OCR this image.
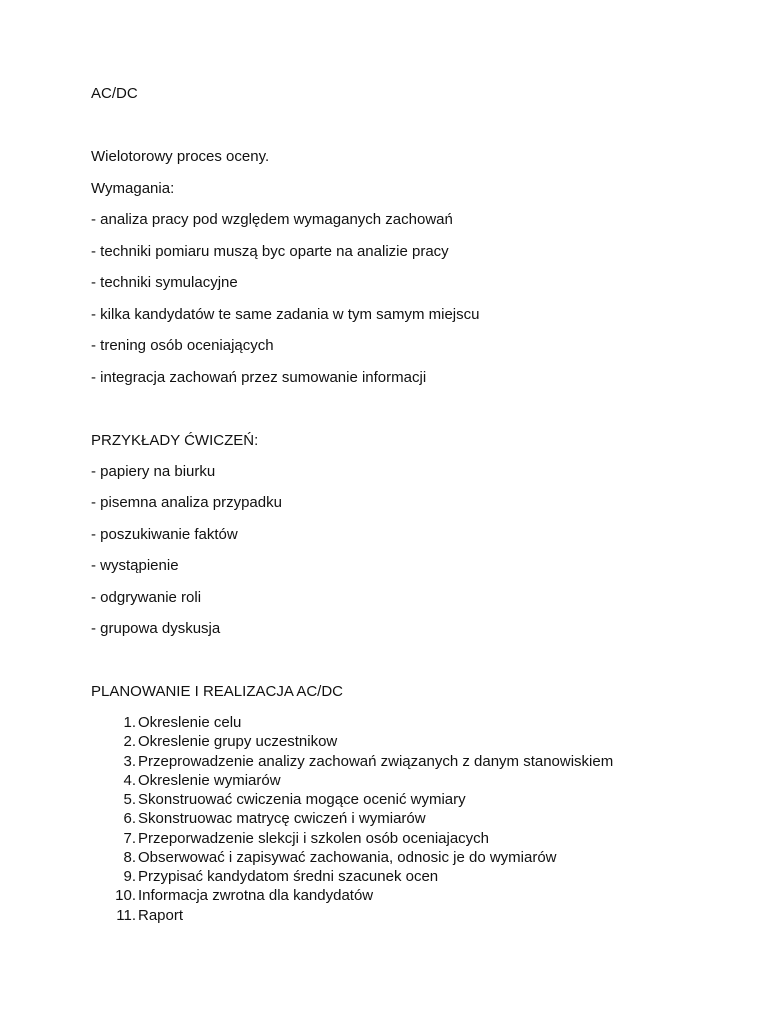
AC/DC
Wielotorowy proces oceny.
Wymagania:
- analiza pracy pod względem wymaganych zachowań
- techniki pomiaru muszą byc oparte na analizie pracy
- techniki symulacyjne
- kilka kandydatów te same zadania w tym samym miejscu
- trening osób oceniających
- integracja zachowań przez sumowanie informacji
PRZYKŁADY ĆWICZEŃ:
- papiery na biurku
- pisemna analiza przypadku
- poszukiwanie faktów
- wystąpienie
- odgrywanie roli
- grupowa dyskusja
PLANOWANIE I REALIZACJA AC/DC
1. Okreslenie celu
2. Okreslenie grupy uczestnikow
3. Przeprowadzenie analizy zachowań związanych z danym stanowiskiem
4. Okreslenie wymiarów
5. Skonstruować cwiczenia mogące ocenić wymiary
6. Skonstruowac matrycę cwiczeń i wymiarów
7. Przeporwadzenie slekcji i szkolen osób oceniajacych
8. Obserwować i zapisywać zachowania, odnosic je do wymiarów
9. Przypisać kandydatom średni szacunek ocen
10. Informacja zwrotna dla kandydatów
11. Raport
